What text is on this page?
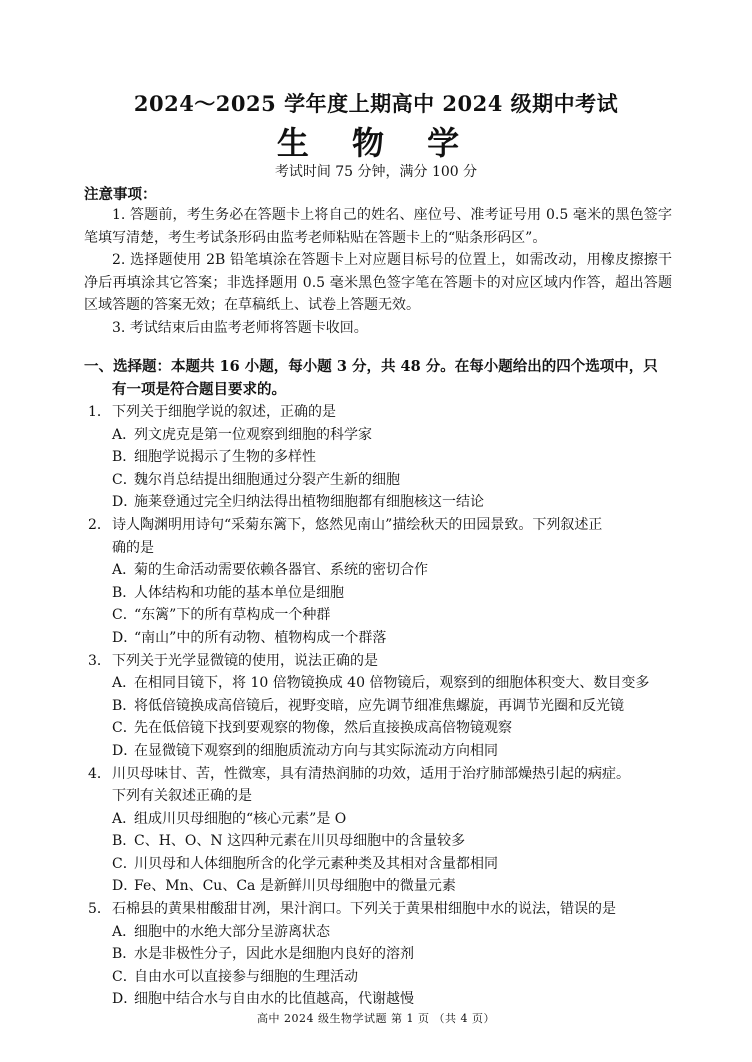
2024～2025 学年度上期高中 2024 级期中考试
生 物 学
考试时间 75 分钟，满分 100 分
注意事项：

1. 答题前，考生务必在答题卡上将自己的姓名、座位号、准考证号用 0.5 毫米的黑色签字笔填写清楚，考生考试条形码由监考老师粘贴在答题卡上的“贴条形码区”。

2. 选择题使用 2B 铅笔填涂在答题卡上对应题目标号的位置上，如需改动，用橡皮擦擦干净后再填涂其它答案；非选择题用 0.5 毫米黑色签字笔在答题卡的对应区域内作答，超出答题区域答题的答案无效；在草稿纸上、试卷上答题无效。

3. 考试结束后由监考老师将答题卡收回。

一、选择题：本题共 16 小题，每小题 3 分，共 48 分。在每小题给出的四个选项中，只
有一项是符合题目要求的。

1．下列关于细胞学说的叙述，正确的是

A．列文虎克是第一位观察到细胞的科学家

B．细胞学说揭示了生物的多样性

C．魏尔肖总结提出细胞通过分裂产生新的细胞

D．施莱登通过完全归纳法得出植物细胞都有细胞核这一结论

2．诗人陶渊明用诗句“采菊东篱下，悠然见南山”描绘秋天的田园景致。下列叙述正
确的是

A．菊的生命活动需要依赖各器官、系统的密切合作

B．人体结构和功能的基本单位是细胞

C．“东篱”下的所有草构成一个种群

D．“南山”中的所有动物、植物构成一个群落

3．下列关于光学显微镜的使用，说法正确的是

A．在相同目镜下，将 10 倍物镜换成 40 倍物镜后，观察到的细胞体积变大、数目变多

B．将低倍镜换成高倍镜后，视野变暗，应先调节细准焦螺旋，再调节光圈和反光镜

C．先在低倍镜下找到要观察的物像，然后直接换成高倍物镜观察

D．在显微镜下观察到的细胞质流动方向与其实际流动方向相同

4．川贝母味甘、苦，性微寒，具有清热润肺的功效，适用于治疗肺部燥热引起的病症。
下列有关叙述正确的是

A．组成川贝母细胞的“核心元素”是 O

B．C、H、O、N 这四种元素在川贝母细胞中的含量较多

C．川贝母和人体细胞所含的化学元素种类及其相对含量都相同

D．Fe、Mn、Cu、Ca 是新鲜川贝母细胞中的微量元素

5．石棉县的黄果柑酸甜甘冽，果汁润口。下列关于黄果柑细胞中水的说法，错误的是

A．细胞中的水绝大部分呈游离状态

B．水是非极性分子，因此水是细胞内良好的溶剂

C．自由水可以直接参与细胞的生理活动

D．细胞中结合水与自由水的比值越高，代谢越慢

高中 2024 级生物学试题 第 1 页 （共 4 页）
